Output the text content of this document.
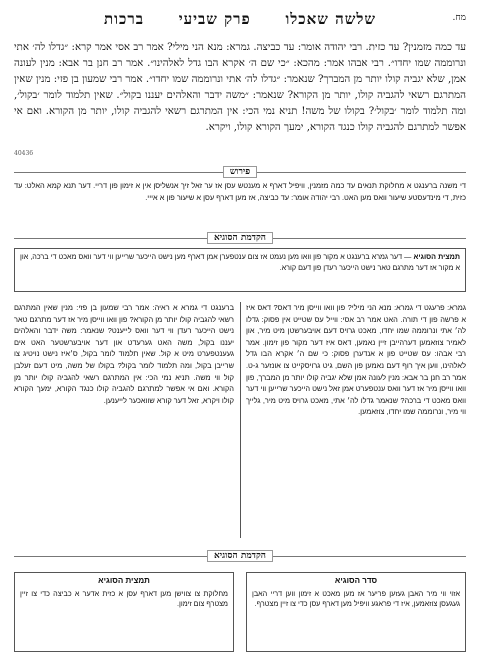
מח.
שלשה שאכלו
פרק שביעי
ברכות
עד כמה מזמנין? עד כזית. רבי יהודה אומר: עד כביצה. גמרא: מנא הני מילי? אמר רב אסי אמר קרא: ״גדלו לה׳ אתי ונרוממה שמו יחדו״. רבי אבהו אמר: מהכא: ״כי שם ה׳ אקרא הבו גדל לאלהינו״. אמר רב חנן בר אבא: מנין לעונה אמן, שלא יגביה קולו יותר מן המברך? שנאמר: ״גדלו לה׳ אתי ונרוממה שמו יחדו״. אמר רבי שמעון בן פזי: מנין שאין המתרגם רשאי להגביה קולו, יותר מן הקורא? שנאמר: ״משה ידבר והאלהים יעננו בקול״. שאין תלמוד לומר ׳בקול׳, ומה תלמוד לומר ׳בקול׳? בקולו של משה! תניא נמי הכי: אין המתרגם רשאי להגביה קולו, יותר מן הקורא. ואם אי אפשר למתרגם להגביה קולו כנגד הקורא, ימעך הקורא קולו, ויקרא.
40436
פירוש
די משנה ברענגט א מחלוקת תנאים עד כמה מזמנין, וויפיל דארף א מענטש עסן אז ער זאל זיך אנשליסן אין א זימון פון דריי. דער תנא קמא האלט: עד כזית, די מינדעסטע שיעור וואס מען האט. רבי יהודה אומר: עד כביצה, אז מען דארף עסן א שיעור פון א אייי.
הקדמת הסוגיא
תמצית הסוגיא — דער גמרא ברענגט א מקור פון וואו מען נעמט אז צום ענטפערן אמן דארף מען נישט הייכער שרייען ווי דער וואס מאכט די ברכה, און א מקור אז דער מתרגם טאר נישט הייכער רעדן פון דעם קורא.
גמרא: פרעגט די גמרא: מנא הני מילי? פון וואו ווייסן מיר דאס? דאס איז א פרשה פון די תורה. האט אמר רב אסי: ווייל עס שטייט אין פסוק: גדלו לה׳ אתי ונרוממה שמו יחדו, מאכט גרויס דעם אויבערשטן מיט מיר, און לאמיר צוזאמען דערהייבן זיין נאמען, דאס איז דער מקור פון זימון. אמר רבי אבהו: עס שטייט פון א אנדערן פסוק: כי שם ה׳ אקרא הבו גדל לאלהינו, ווען איך רוף דעם נאמען פון השם, גיט גרויסקייט צו אונזער ג-ט. אמר רב חנן בר אבא: מנין לעונה אמן שלא יגביה קולו יותר מן המברך, פון וואו ווייסן מיר אז דער וואס ענטפערט אמן זאל נישט הייכער שרייען ווי דער וואס מאכט די ברכה? שנאמר גדלו לה׳ אתי, מאכט גרויס מיט מיר, גלייך ווי מיר, ונרוממה שמו יחדו, צוזאמען.
ברענגט די גמרא א ראיה: אמר רבי שמעון בן פזי: מנין שאין המתרגם רשאי להגביה קולו יותר מן הקורא? פון וואו ווייסן מיר אז דער מתרגם טאר נישט הייכער רעדן ווי דער וואס לייענט? שנאמר: משה ידבר והאלהים יעננו בקול, משה האט גערעדט און דער אויבערשטער האט אים געענטפערט מיט א קול. שאין תלמוד לומר בקול, ס׳איז נישט נויטיג צו שרייבן בקול, ומה תלמוד לומר בקול? בקולו של משה, מיט דעם זעלבן קול ווי משה. תניא נמי הכי: אין המתרגם רשאי להגביה קולו יותר מן הקורא. ואם אי אפשר למתרגם להגביה קולו כנגד הקורא, ימעך הקורא קולו ויקרא, זאל דער קורא שוואכער לייענען.
הקדמת הסוגיא
סדר הסוגיא
אזוי ווי מיר האבן געזען פריער אז מען מאכט א זימון ווען דריי האבן געגעסן צוזאמען, איז די פראגע וויפיל מען דארף עסן כדי צו זיין מצטרף.
תמצית הסוגיא
מחלוקת צו צווישן מען דארף עסן א כזית אדער א כביצה כדי צו זיין מצטרף צום זימון.
